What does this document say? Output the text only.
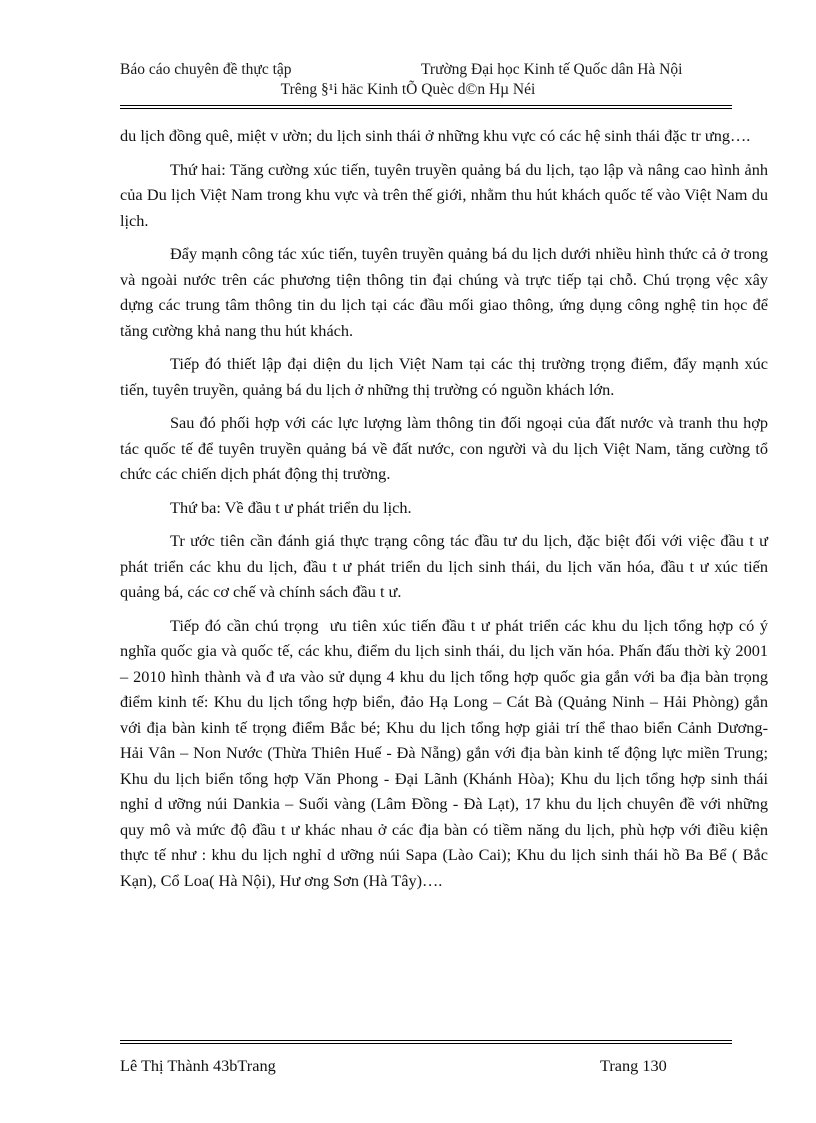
Báo cáo chuyên đề thực tập	Trường Đại học Kinh tế Quốc dân Hà Nội
Trêng §¹i häc Kinh tÕ Quèc d©n Hµ Néi

du lịch đồng quê, miệt v ườn; du lịch sinh thái ở những khu vực có các hệ sinh thái đặc tr ưng….

Thứ hai: Tăng cường xúc tiến, tuyên truyền quảng bá du lịch, tạo lập và nâng cao hình ảnh của Du lịch Việt Nam trong khu vực và trên thế giới, nhằm thu hút khách quốc tế vào Việt Nam du lịch.

Đẩy mạnh công tác xúc tiến, tuyên truyền quảng bá du lịch dưới nhiều hình thức cả ở trong và ngoài nước trên các phương tiện thông tin đại chúng và trực tiếp tại chỗ. Chú trọng vệc xây dựng các trung tâm thông tin du lịch tại các đầu mối giao thông, ứng dụng công nghệ tin học để tăng cường khả nang thu hút khách.

Tiếp đó thiết lập đại diện du lịch Việt Nam tại các thị trường trọng điểm, đẩy mạnh xúc tiến, tuyên truyền, quảng bá du lịch ở những thị trường có nguồn khách lớn.

Sau đó phối hợp với các lực lượng làm thông tin đối ngoại của đất nước và tranh thu hợp tác quốc tế để tuyên truyền quảng bá về đất nước, con người và du lịch Việt Nam, tăng cường tổ chức các chiến dịch phát động thị trường.

Thứ ba: Về đầu t ư phát triển du lịch.

Tr ước tiên cần đánh giá thực trạng công tác đầu tư du lịch, đặc biệt đối với việc đầu t ư phát triển các khu du lịch, đầu t ư phát triển du lịch sinh thái, du lịch văn hóa, đầu t ư xúc tiến quảng bá, các cơ chế và chính sách đầu t ư.

Tiếp đó cần chú trọng ưu tiên xúc tiến đầu t ư phát triển các khu du lịch tổng hợp có ý nghĩa quốc gia và quốc tế, các khu, điểm du lịch sinh thái, du lịch văn hóa. Phấn đấu thời kỳ 2001 – 2010 hình thành và đ ưa vào sử dụng 4 khu du lịch tổng hợp quốc gia gắn với ba địa bàn trọng điểm kinh tế: Khu du lịch tổng hợp biển, đảo Hạ Long – Cát Bà (Quảng Ninh – Hải Phòng) gắn với địa bàn kinh tế trọng điểm Bắc bé; Khu du lịch tổng hợp giải trí thể thao biển Cảnh Dương- Hải Vân – Non Nước (Thừa Thiên Huế - Đà Nẵng) gắn với địa bàn kinh tế động lực miền Trung; Khu du lịch biển tổng hợp Văn Phong - Đại Lãnh (Khánh Hòa); Khu du lịch tổng hợp sinh thái nghỉ d ưỡng núi Dankia – Suối vàng (Lâm Đồng - Đà Lạt), 17 khu du lịch chuyên đề với những quy mô và mức độ đầu t ư khác nhau ở các địa bàn có tiềm năng du lịch, phù hợp với điều kiện thực tế như : khu du lịch nghỉ d ưỡng núi Sapa (Lào Cai); Khu du lịch sinh thái hồ Ba Bể ( Bắc Kạn), Cổ Loa( Hà Nội), Hư ơng Sơn (Hà Tây)….

Lê Thị Thành 43bTrang	Trang 130
